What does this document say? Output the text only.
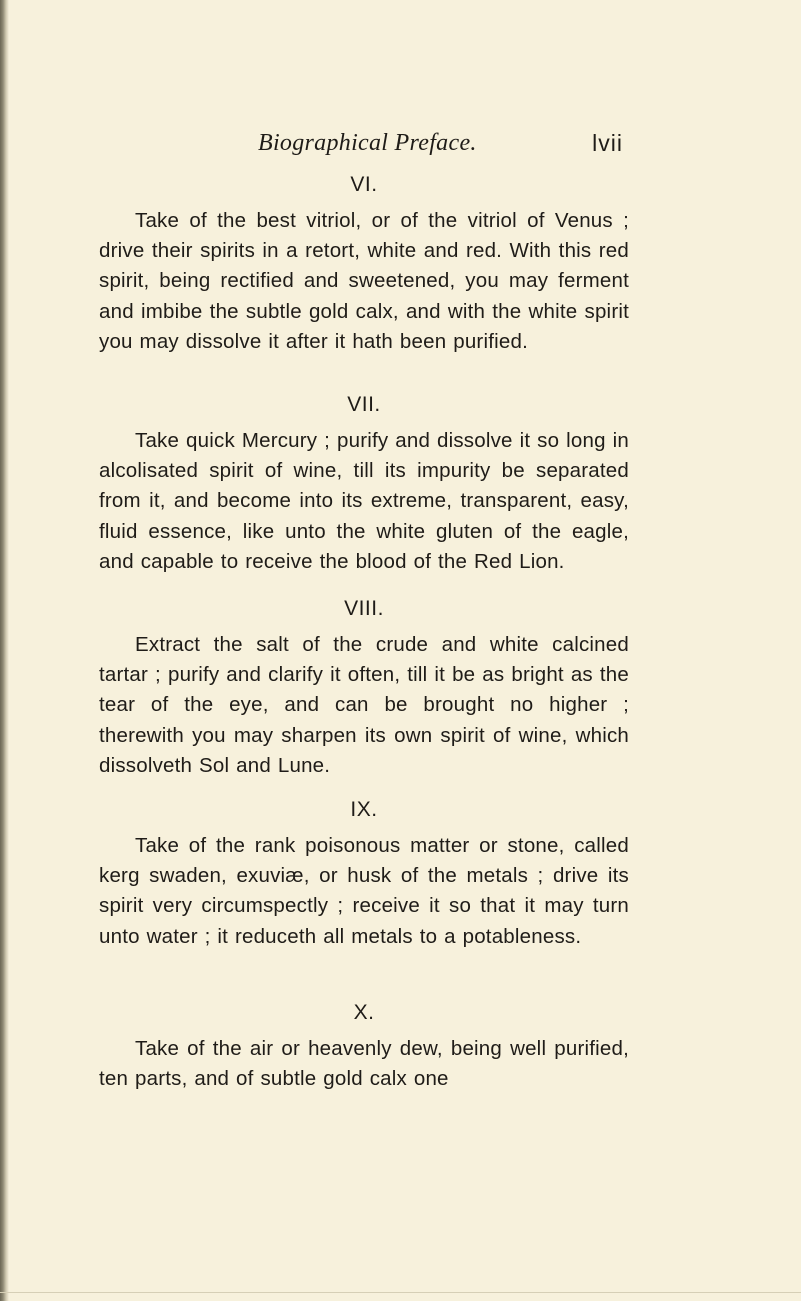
Biographical Preface.	lvii
VI.

Take of the best vitriol, or of the vitriol of Venus ; drive their spirits in a retort, white and red. With this red spirit, being rectified and sweetened, you may ferment and imbibe the subtle gold calx, and with the white spirit you may dissolve it after it hath been purified.

VII.

Take quick Mercury ; purify and dissolve it so long in alcolisated spirit of wine, till its impurity be separated from it, and become into its extreme, transparent, easy, fluid essence, like unto the white gluten of the eagle, and capable to receive the blood of the Red Lion.

VIII.

Extract the salt of the crude and white calcined tartar ; purify and clarify it often, till it be as bright as the tear of the eye, and can be brought no higher ; therewith you may sharpen its own spirit of wine, which dissolveth Sol and Lune.

IX.

Take of the rank poisonous matter or stone, called kerg swaden, exuviæ, or husk of the metals ; drive its spirit very circumspectly ; receive it so that it may turn unto water ; it reduceth all metals to a potableness.

X.

Take of the air or heavenly dew, being well purified, ten parts, and of subtle gold calx one
